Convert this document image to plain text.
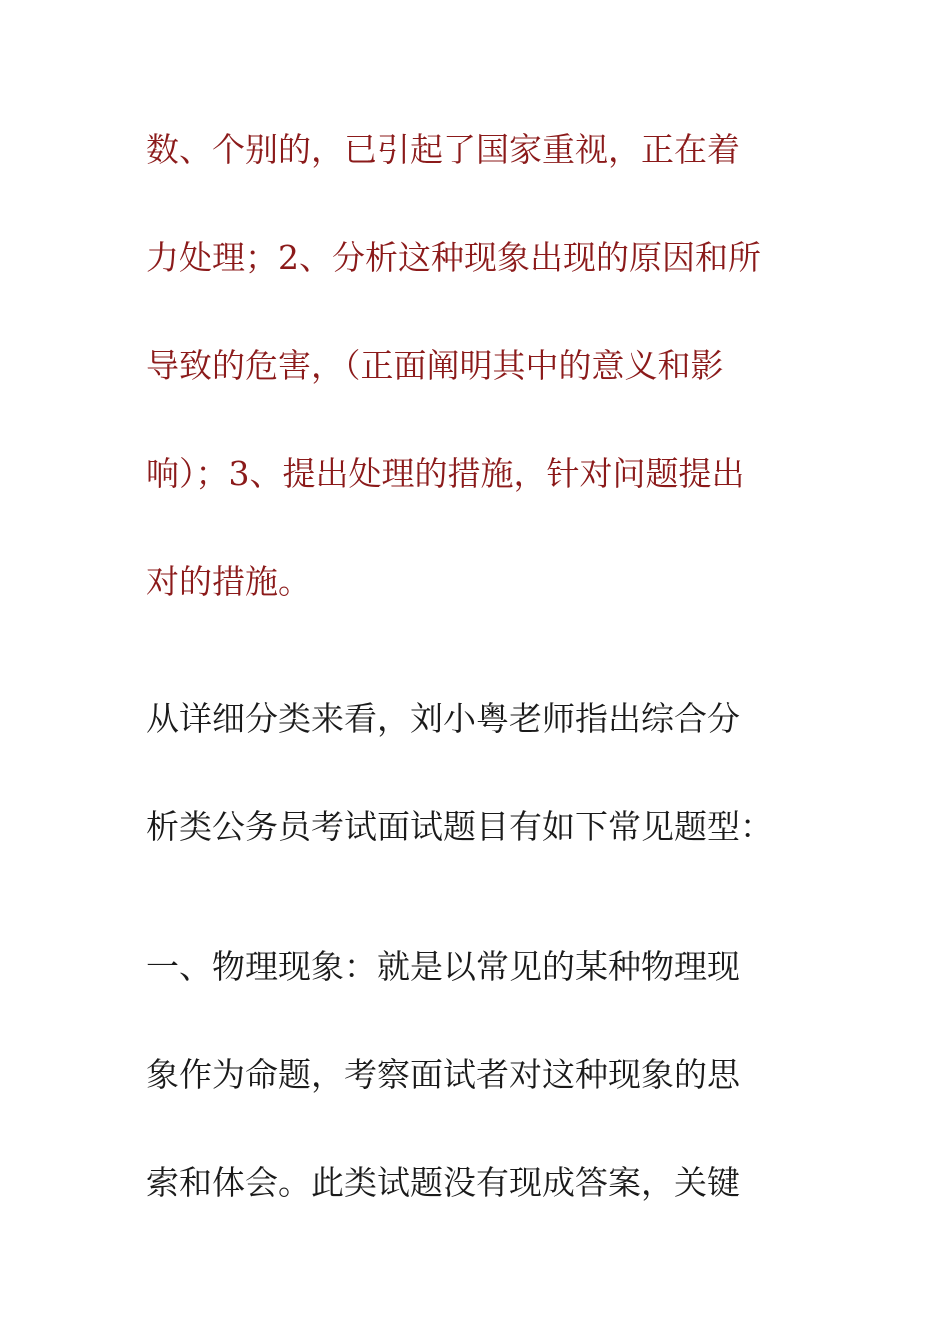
数、个别的，已引起了国家重视，正在着
力处理；2、分析这种现象出现的原因和所
导致的危害，（正面阐明其中的意义和影
响）；3、提出处理的措施，针对问题提出
对的措施。
从详细分类来看，刘小粤老师指出综合分
析类公务员考试面试题目有如下常见题型：
一、物理现象：就是以常见的某种物理现
象作为命题，考察面试者对这种现象的思
索和体会。此类试题没有现成答案，关键
